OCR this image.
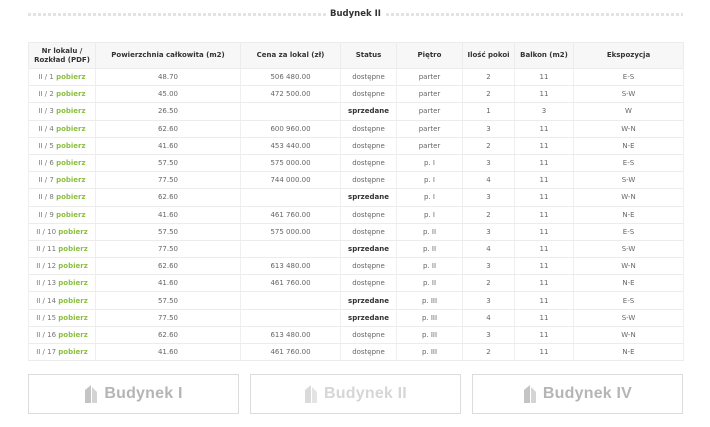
Budynek II
Nr lokalu / Rozkład (PDF)	Powierzchnia całkowita (m2)	Cena za lokal (zł)	Status	Piętro	Ilość pokoi	Balkon (m2)	Ekspozycja
II / 1 pobierz	48.70	506 480.00	dostępne	parter	2	11	E-S
II / 2 pobierz	45.00	472 500.00	dostępne	parter	2	11	S-W
II / 3 pobierz	26.50		sprzedane	parter	1	3	W
II / 4 pobierz	62.60	600 960.00	dostępne	parter	3	11	W-N
II / 5 pobierz	41.60	453 440.00	dostępne	parter	2	11	N-E
II / 6 pobierz	57.50	575 000.00	dostępne	p. I	3	11	E-S
II / 7 pobierz	77.50	744 000.00	dostępne	p. I	4	11	S-W
II / 8 pobierz	62.60		sprzedane	p. I	3	11	W-N
II / 9 pobierz	41.60	461 760.00	dostępne	p. I	2	11	N-E
II / 10 pobierz	57.50	575 000.00	dostępne	p. II	3	11	E-S
II / 11 pobierz	77.50		sprzedane	p. II	4	11	S-W
II / 12 pobierz	62.60	613 480.00	dostępne	p. II	3	11	W-N
II / 13 pobierz	41.60	461 760.00	dostępne	p. II	2	11	N-E
II / 14 pobierz	57.50		sprzedane	p. III	3	11	E-S
II / 15 pobierz	77.50		sprzedane	p. III	4	11	S-W
II / 16 pobierz	62.60	613 480.00	dostępne	p. III	3	11	W-N
II / 17 pobierz	41.60	461 760.00	dostępne	p. III	2	11	N-E
Budynek I	Budynek II	Budynek IV
